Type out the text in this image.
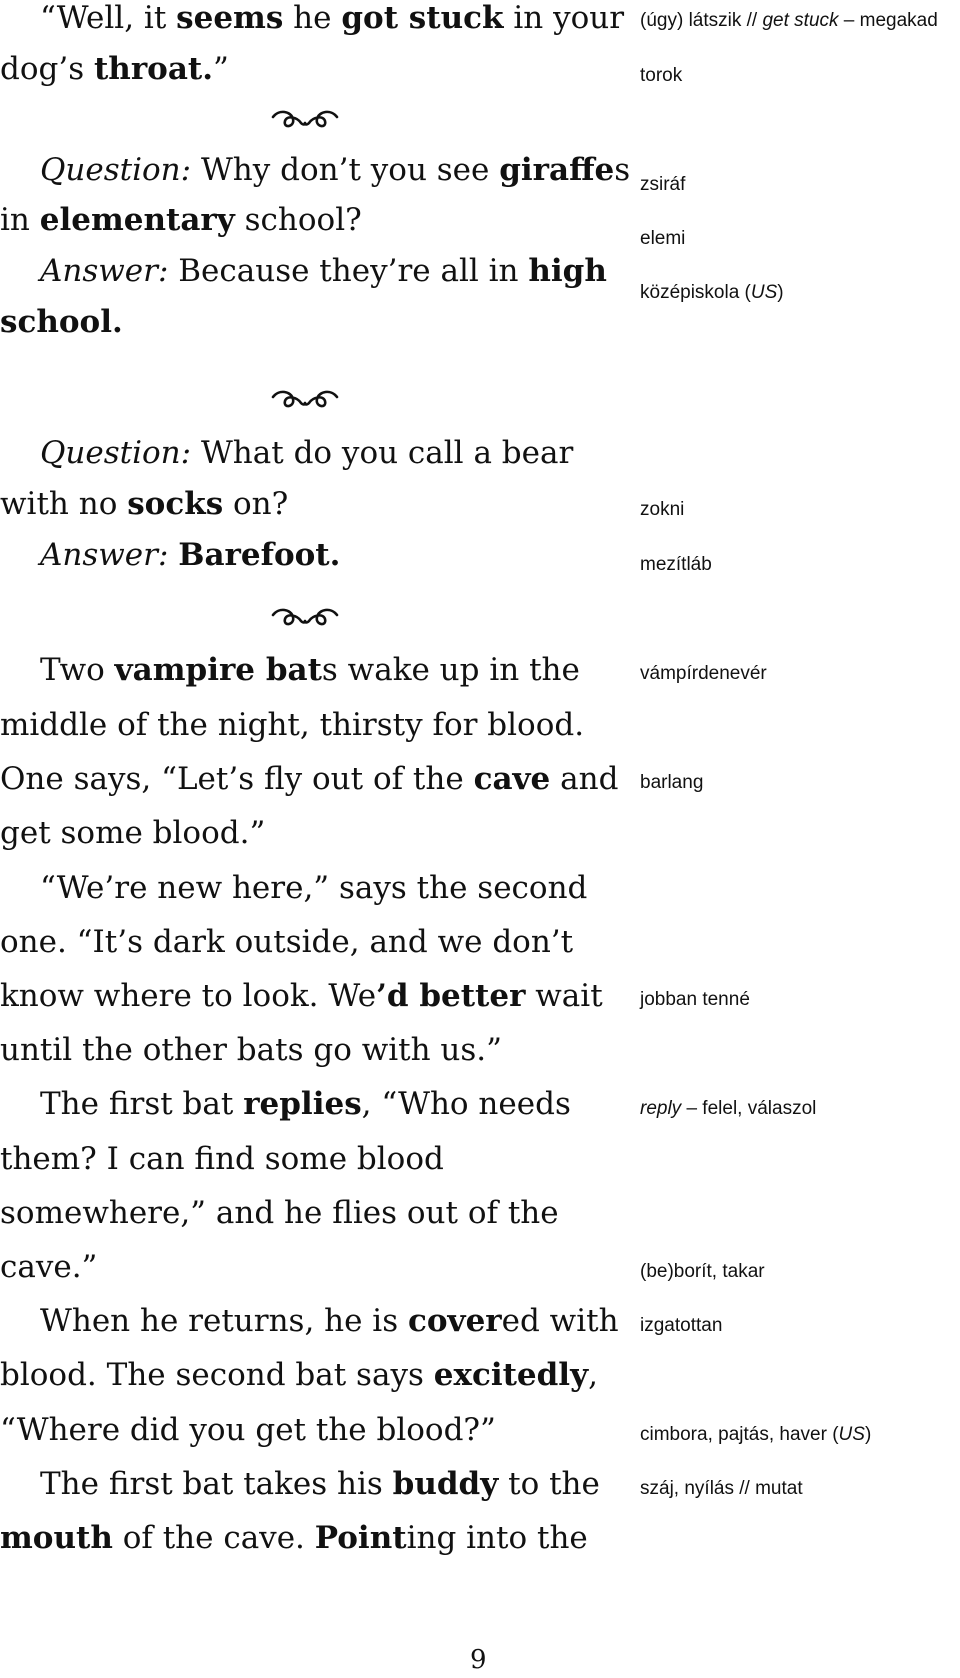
“Well, it seems he got stuck in your
dog’s throat.”
Question: Why don’t you see giraffes
in elementary school?
Answer: Because they’re all in high
school.
Question: What do you call a bear
with no socks on?
Answer: Barefoot.
Two vampire bats wake up in the
middle of the night, thirsty for blood.
One says, “Let’s fly out of the cave and
get some blood.”
“We’re new here,” says the second
one. “It’s dark outside, and we don’t
know where to look. We’d better wait
until the other bats go with us.”
The first bat replies, “Who needs
them? I can find some blood
somewhere,” and he flies out of the
cave.”
When he returns, he is covered with
blood. The second bat says excitedly,
“Where did you get the blood?”
The first bat takes his buddy to the
mouth of the cave. Pointing into the
(úgy) látszik // get stuck – megakad
torok
zsiráf
elemi
középiskola (US)
zokni
mezítláb
vámpírdenevér
barlang
jobban tenné
reply – felel, válaszol
(be)borít, takar
izgatottan
cimbora, pajtás, haver (US)
száj, nyílás // mutat
9
